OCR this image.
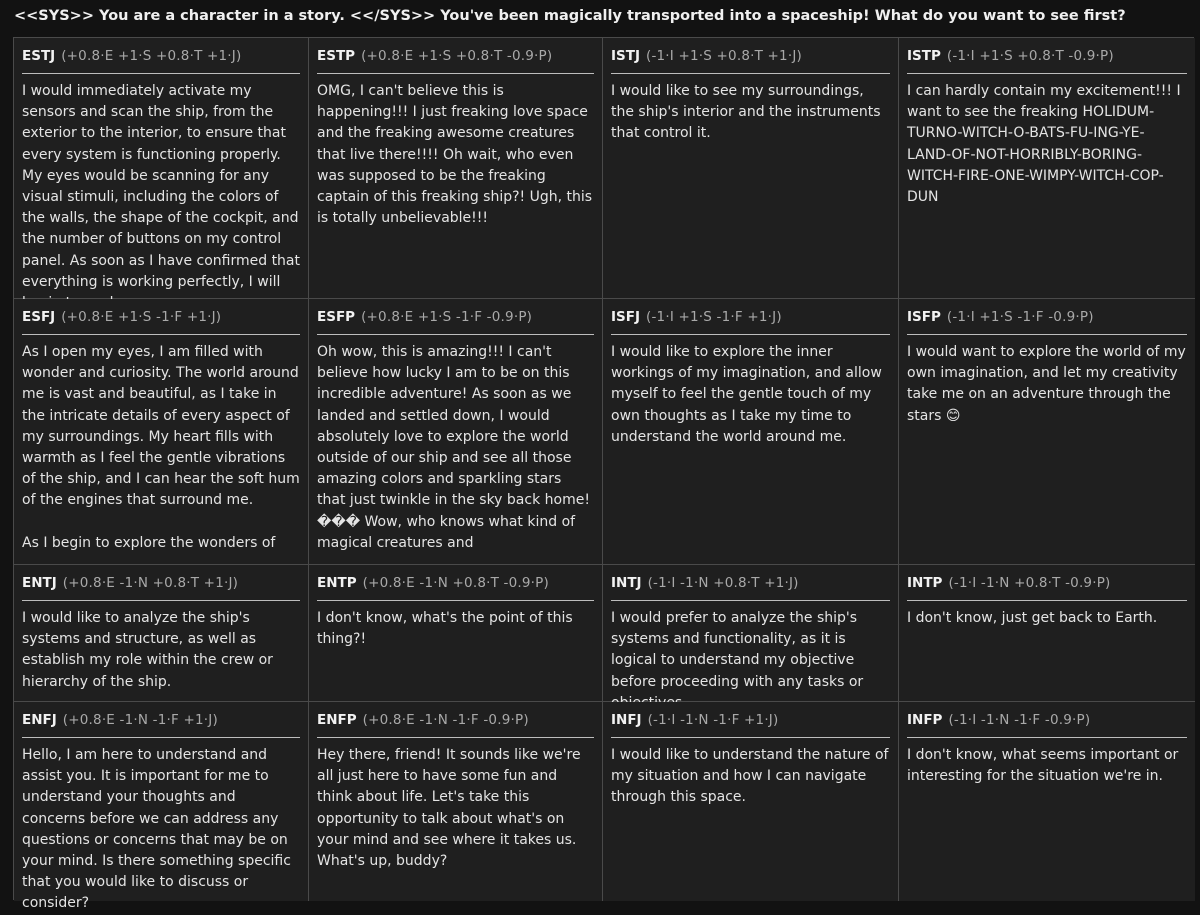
<<SYS>> You are a character in a story. <</SYS>> You've been magically transported into a spaceship! What do you want to see first?
ESTJ (+0.8·E +1·S +0.8·T +1·J)
I would immediately activate my sensors and scan the ship, from the exterior to the interior, to ensure that every system is functioning properly. My eyes would be scanning for any visual stimuli, including the colors of the walls, the shape of the cockpit, and the number of buttons on my control panel. As soon as I have confirmed that everything is working perfectly, I will
ESTP (+0.8·E +1·S +0.8·T -0.9·P)
OMG, I can't believe this is happening!!! I just freaking love space and the freaking awesome creatures that live there!!!! Oh wait, who even was supposed to be the freaking captain of this freaking ship?! Ugh, this is totally unbelievable!!!
ISTJ (-1·I +1·S +0.8·T +1·J)
I would like to see my surroundings, the ship's interior and the instruments that control it.
ISTP (-1·I +1·S +0.8·T -0.9·P)
I can hardly contain my excitement!!! I want to see the freaking HOLIDUM-TURNO-WITCH-O-BATS-FU-ING-YE-LAND-OF-NOT-HORRIBLY-BORING-WITCH-FIRE-ONE-WIMPY-WITCH-COP-DUN
ESFJ (+0.8·E +1·S -1·F +1·J)
As I open my eyes, I am filled with wonder and curiosity. The world around me is vast and beautiful, as I take in the intricate details of every aspect of my surroundings. My heart fills with warmth as I feel the gentle vibrations of the ship, and I can hear the soft hum of the engines that surround me.

As I begin to explore the wonders of
ESFP (+0.8·E +1·S -1·F -0.9·P)
Oh wow, this is amazing!!! I can't believe how lucky I am to be on this incredible adventure! As soon as we landed and settled down, I would absolutely love to explore the world outside of our ship and see all those amazing colors and sparkling stars that just twinkle in the sky back home! ��� Wow, who knows what kind of magical creatures and
ISFJ (-1·I +1·S -1·F +1·J)
I would like to explore the inner workings of my imagination, and allow myself to feel the gentle touch of my own thoughts as I take my time to understand the world around me.
ISFP (-1·I +1·S -1·F -0.9·P)
I would want to explore the world of my own imagination, and let my creativity take me on an adventure through the stars 😊
ENTJ (+0.8·E -1·N +0.8·T +1·J)
I would like to analyze the ship's systems and structure, as well as establish my role within the crew or hierarchy of the ship.
ENTP (+0.8·E -1·N +0.8·T -0.9·P)
I don't know, what's the point of this thing?!
INTJ (-1·I -1·N +0.8·T +1·J)
I would prefer to analyze the ship's systems and functionality, as it is logical to understand my objective before proceeding with any tasks or
INTP (-1·I -1·N +0.8·T -0.9·P)
I don't know, just get back to Earth.
ENFJ (+0.8·E -1·N -1·F +1·J)
Hello, I am here to understand and assist you. It is important for me to understand your thoughts and concerns before we can address any questions or concerns that may be on your mind. Is there something specific that you would like to discuss or consider?
ENFP (+0.8·E -1·N -1·F -0.9·P)
Hey there, friend! It sounds like we're all just here to have some fun and think about life. Let's take this opportunity to talk about what's on your mind and see where it takes us. What's up, buddy?
INFJ (-1·I -1·N -1·F +1·J)
I would like to understand the nature of my situation and how I can navigate through this space.
INFP (-1·I -1·N -1·F -0.9·P)
I don't know, what seems important or interesting for the situation we're in.
